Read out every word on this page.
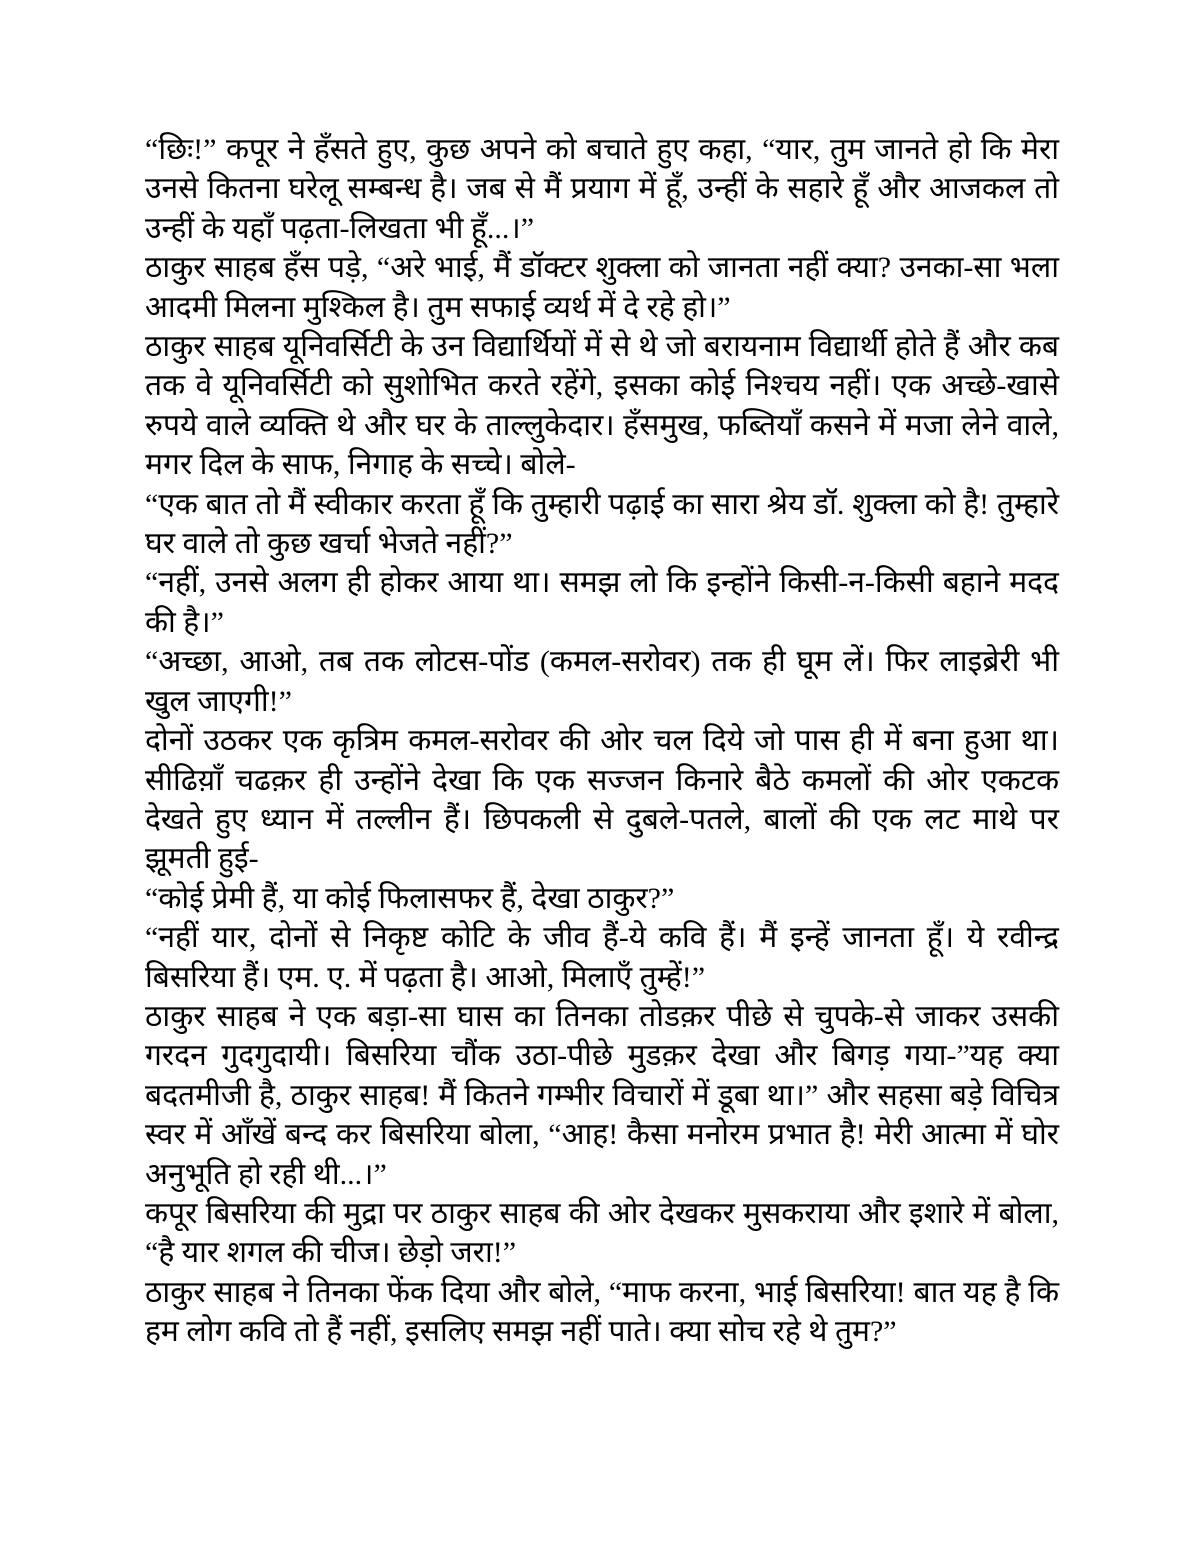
“छिः!” कपूर ने हँसते हुए, कुछ अपने को बचाते हुए कहा, “यार, तुम जानते हो कि मेरा उनसे कितना घरेलू सम्बन्ध है। जब से मैं प्रयाग में हूँ, उन्हीं के सहारे हूँ और आजकल तो उन्हीं के यहाँ पढ़ता-लिखता भी हूँ...।”

ठाकुर साहब हँस पड़े, “अरे भाई, मैं डॉक्टर शुक्ला को जानता नहीं क्या? उनका-सा भला आदमी मिलना मुश्किल है। तुम सफाई व्यर्थ में दे रहे हो।”

ठाकुर साहब यूनिवर्सिटी के उन विद्यार्थियों में से थे जो बरायनाम विद्यार्थी होते हैं और कब तक वे यूनिवर्सिटी को सुशोभित करते रहेंगे, इसका कोई निश्चय नहीं। एक अच्छे-खासे रुपये वाले व्यक्ति थे और घर के ताल्लुकेदार। हँसमुख, फब्तियाँ कसने में मजा लेने वाले, मगर दिल के साफ, निगाह के सच्चे। बोले-

“एक बात तो मैं स्वीकार करता हूँ कि तुम्हारी पढ़ाई का सारा श्रेय डॉ. शुक्ला को है! तुम्हारे घर वाले तो कुछ खर्चा भेजते नहीं?”

“नहीं, उनसे अलग ही होकर आया था। समझ लो कि इन्होंने किसी-न-किसी बहाने मदद की है।”

“अच्छा, आओ, तब तक लोटस-पोंड (कमल-सरोवर) तक ही घूम लें। फिर लाइब्रेरी भी खुल जाएगी!”

दोनों उठकर एक कृत्रिम कमल-सरोवर की ओर चल दिये जो पास ही में बना हुआ था। सीढिय़ाँ चढक़र ही उन्होंने देखा कि एक सज्जन किनारे बैठे कमलों की ओर एकटक देखते हुए ध्यान में तल्लीन हैं। छिपकली से दुबले-पतले, बालों की एक लट माथे पर झूमती हुई-

“कोई प्रेमी हैं, या कोई फिलासफर हैं, देखा ठाकुर?”

“नहीं यार, दोनों से निकृष्ट कोटि के जीव हैं-ये कवि हैं। मैं इन्हें जानता हूँ। ये रवीन्द्र बिसरिया हैं। एम. ए. में पढ़ता है। आओ, मिलाएँ तुम्हें!”

ठाकुर साहब ने एक बड़ा-सा घास का तिनका तोडक़र पीछे से चुपके-से जाकर उसकी गरदन गुदगुदायी। बिसरिया चौंक उठा-पीछे मुडक़र देखा और बिगड़ गया-”यह क्या बदतमीजी है, ठाकुर साहब! मैं कितने गम्भीर विचारों में डूबा था।” और सहसा बड़े विचित्र स्वर में आँखें बन्द कर बिसरिया बोला, “आह! कैसा मनोरम प्रभात है! मेरी आत्मा में घोर अनुभूति हो रही थी...।”

कपूर बिसरिया की मुद्रा पर ठाकुर साहब की ओर देखकर मुसकराया और इशारे में बोला, “है यार शगल की चीज। छेड़ो जरा!”

ठाकुर साहब ने तिनका फेंक दिया और बोले, “माफ करना, भाई बिसरिया! बात यह है कि हम लोग कवि तो हैं नहीं, इसलिए समझ नहीं पाते। क्या सोच रहे थे तुम?”
